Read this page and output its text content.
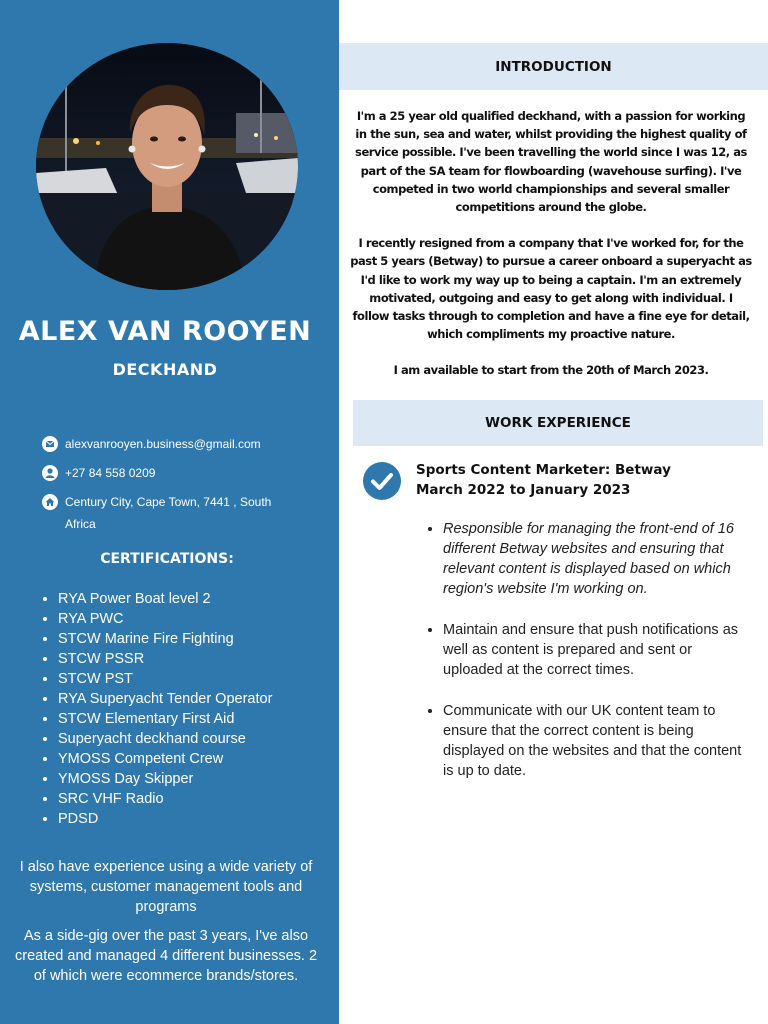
ALEX VAN ROOYEN
DECKHAND
alexvanrooyen.business@gmail.com
+27 84 558 0209
Century City, Cape Town, 7441 , South Africa
CERTIFICATIONS:
• RYA Power Boat level 2
• RYA PWC
• STCW Marine Fire Fighting
• STCW PSSR
• STCW PST
• RYA Superyacht Tender Operator
• STCW Elementary First Aid
• Superyacht deckhand course
• YMOSS Competent Crew
• YMOSS Day Skipper
• SRC VHF Radio
• PDSD

I also have experience using a wide variety of systems, customer management tools and programs

As a side-gig over the past 3 years, I've also created and managed 4 different businesses. 2 of which were ecommerce brands/stores.

INTRODUCTION

I'm a 25 year old qualified deckhand, with a passion for working in the sun, sea and water, whilst providing the highest quality of service possible. I've been travelling the world since I was 12, as part of the SA team for flowboarding (wavehouse surfing). I've competed in two world championships and several smaller competitions around the globe.

I recently resigned from a company that I've worked for, for the past 5 years (Betway) to pursue a career onboard a superyacht as I'd like to work my way up to being a captain. I'm an extremely motivated, outgoing and easy to get along with individual. I follow tasks through to completion and have a fine eye for detail, which compliments my proactive nature.

I am available to start from the 20th of March 2023.

WORK EXPERIENCE
Sports Content Marketer: Betway
March 2022 to January 2023
• Responsible for managing the front-end of 16 different Betway websites and ensuring that relevant content is displayed based on which region's website I'm working on.
• Maintain and ensure that push notifications as well as content is prepared and sent or uploaded at the correct times.
• Communicate with our UK content team to ensure that the correct content is being displayed on the websites and that the content is up to date.
